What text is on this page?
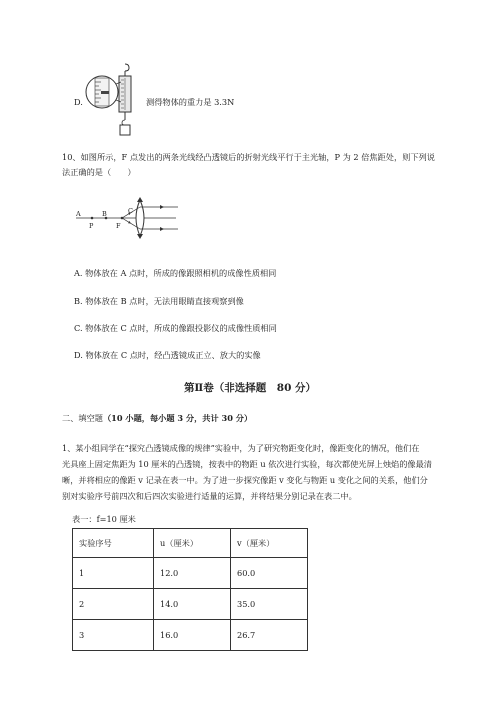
D.	测得物体的重力是 3.3N
10、如图所示，F 点发出的两条光线经凸透镜后的折射光线平行于主光轴，P 为 2 倍焦距处，则下列说
法正确的是（　　）
A	B	C
P	F
A. 物体放在 A 点时，所成的像跟照相机的成像性质相同
B. 物体放在 B 点时，无法用眼睛直接观察到像
C. 物体放在 C 点时，所成的像跟投影仪的成像性质相同
D. 物体放在 C 点时，经凸透镜成正立、放大的实像
第Ⅱ卷（非选择题　80 分）
二、填空题（10 小题，每小题 3 分，共计 30 分）
1、某小组同学在“探究凸透镜成像的规律”实验中，为了研究物距变化时，像距变化的情况，他们在
光具座上固定焦距为 10 厘米的凸透镜，按表中的物距 u 依次进行实验，每次都使光屏上烛焰的像最清
晰，并将相应的像距 v 记录在表一中。为了进一步探究像距 v 变化与物距 u 变化之间的关系，他们分
别对实验序号前四次和后四次实验进行适量的运算，并将结果分别记录在表二中。
表一：f=10 厘米
实验序号	u（厘米）	v（厘米）
1	12.0	60.0
2	14.0	35.0
3	16.0	26.7
